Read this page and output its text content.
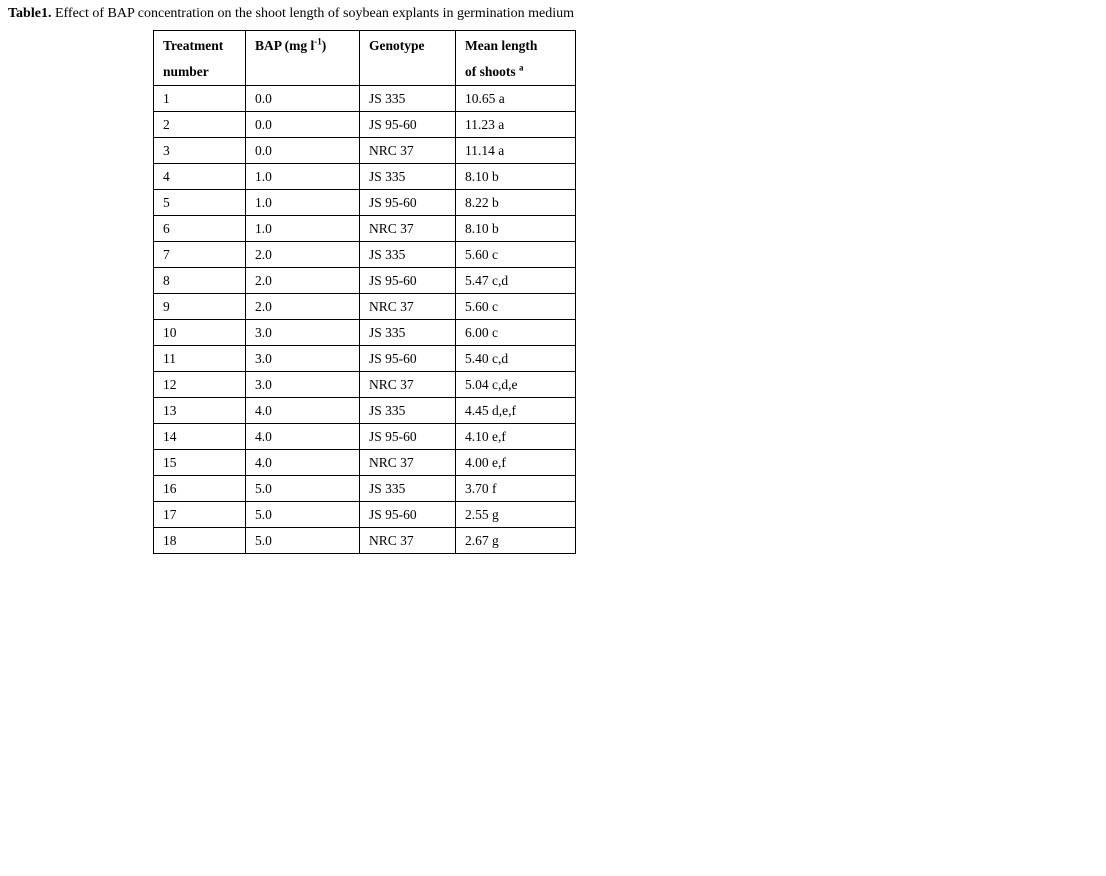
Table1. Effect of BAP concentration on the shoot length of soybean explants in germination medium
Treatment
number	BAP (mg $l^{-1}$)	Genotype	Mean length
of shoots $^a$

1	0.0	JS 335	10.65 a
2	0.0	JS 95-60	11.23 a
3	0.0	NRC 37	11.14 a
4	1.0	JS 335	8.10 b
5	1.0	JS 95-60	8.22 b
6	1.0	NRC 37	8.10 b
7	2.0	JS 335	5.60 c
8	2.0	JS 95-60	5.47 c,d
9	2.0	NRC 37	5.60 c
10	3.0	JS 335	6.00 c
11	3.0	JS 95-60	5.40 c,d
12	3.0	NRC 37	5.04 c,d,e
13	4.0	JS 335	4.45 d,e,f
14	4.0	JS 95-60	4.10 e,f
15	4.0	NRC 37	4.00 e,f
16	5.0	JS 335	3.70 f
17	5.0	JS 95-60	2.55 g
18	5.0	NRC 37	2.67 g
